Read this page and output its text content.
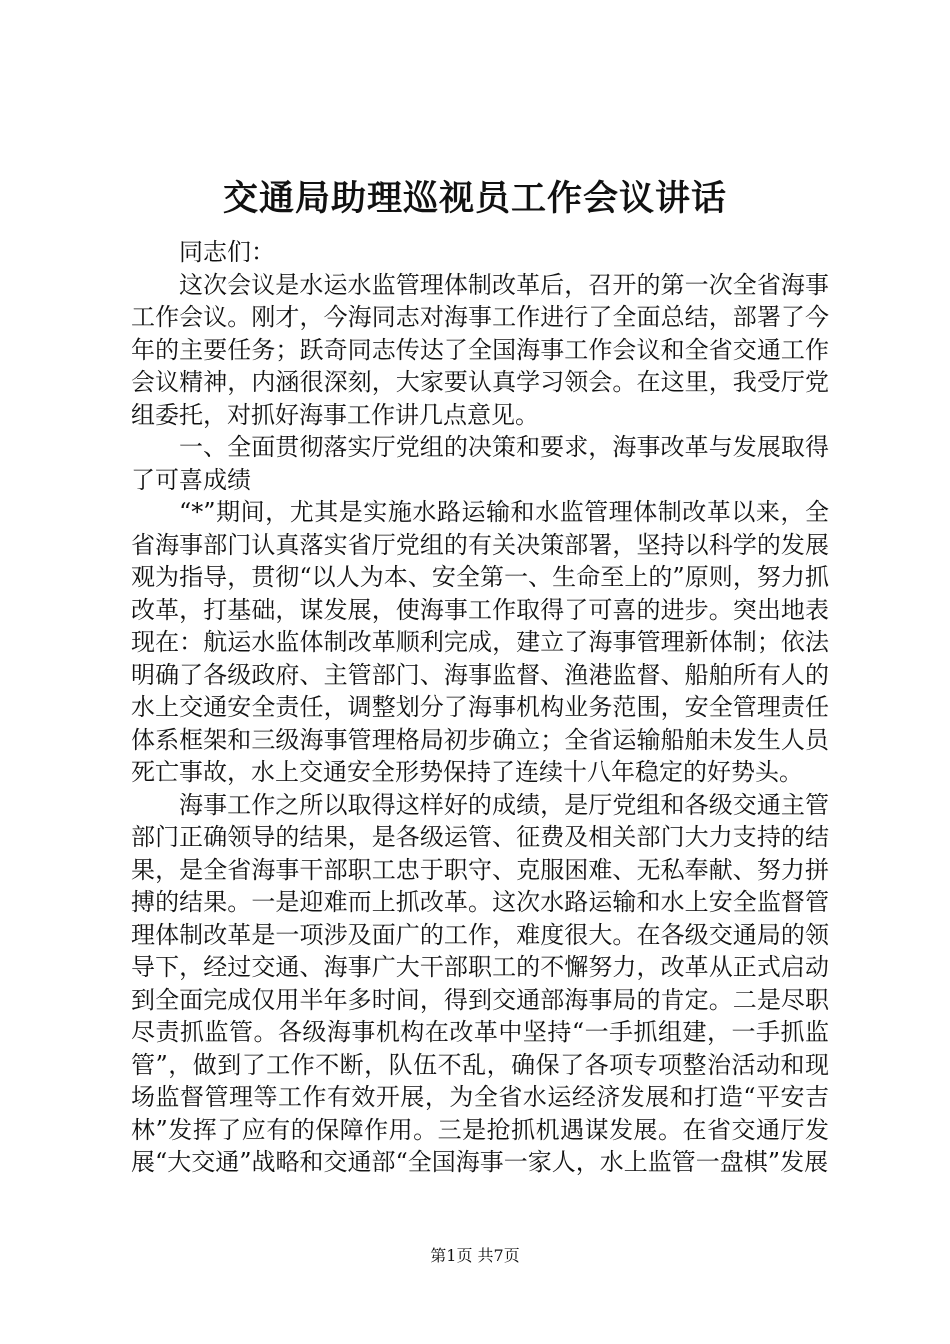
交通局助理巡视员工作会议讲话

同志们：

这次会议是水运水监管理体制改革后，召开的第一次全省海事工作会议。刚才，今海同志对海事工作进行了全面总结，部署了今年的主要任务；跃奇同志传达了全国海事工作会议和全省交通工作会议精神，内涵很深刻，大家要认真学习领会。在这里，我受厅党组委托，对抓好海事工作讲几点意见。

一、全面贯彻落实厅党组的决策和要求，海事改革与发展取得了可喜成绩

“*”期间，尤其是实施水路运输和水监管理体制改革以来，全省海事部门认真落实省厅党组的有关决策部署，坚持以科学的发展观为指导，贯彻“以人为本、安全第一、生命至上的”原则，努力抓改革，打基础，谋发展，使海事工作取得了可喜的进步。突出地表现在：航运水监体制改革顺利完成，建立了海事管理新体制；依法明确了各级政府、主管部门、海事监督、渔港监督、船舶所有人的水上交通安全责任，调整划分了海事机构业务范围，安全管理责任体系框架和三级海事管理格局初步确立；全省运输船舶未发生人员死亡事故，水上交通安全形势保持了连续十八年稳定的好势头。

海事工作之所以取得这样好的成绩，是厅党组和各级交通主管部门正确领导的结果，是各级运管、征费及相关部门大力支持的结果，是全省海事干部职工忠于职守、克服困难、无私奉献、努力拼搏的结果。一是迎难而上抓改革。这次水路运输和水上安全监督管理体制改革是一项涉及面广的工作，难度很大。在各级交通局的领导下，经过交通、海事广大干部职工的不懈努力，改革从正式启动到全面完成仅用半年多时间，得到交通部海事局的肯定。二是尽职尽责抓监管。各级海事机构在改革中坚持“一手抓组建，一手抓监管”，做到了工作不断，队伍不乱，确保了各项专项整治活动和现场监督管理等工作有效开展，为全省水运经济发展和打造“平安吉林”发挥了应有的保障作用。三是抢抓机遇谋发展。在省交通厅发展“大交通”战略和交通部“全国海事一家人，水上监管一盘棋”发展

第1页 共7页
